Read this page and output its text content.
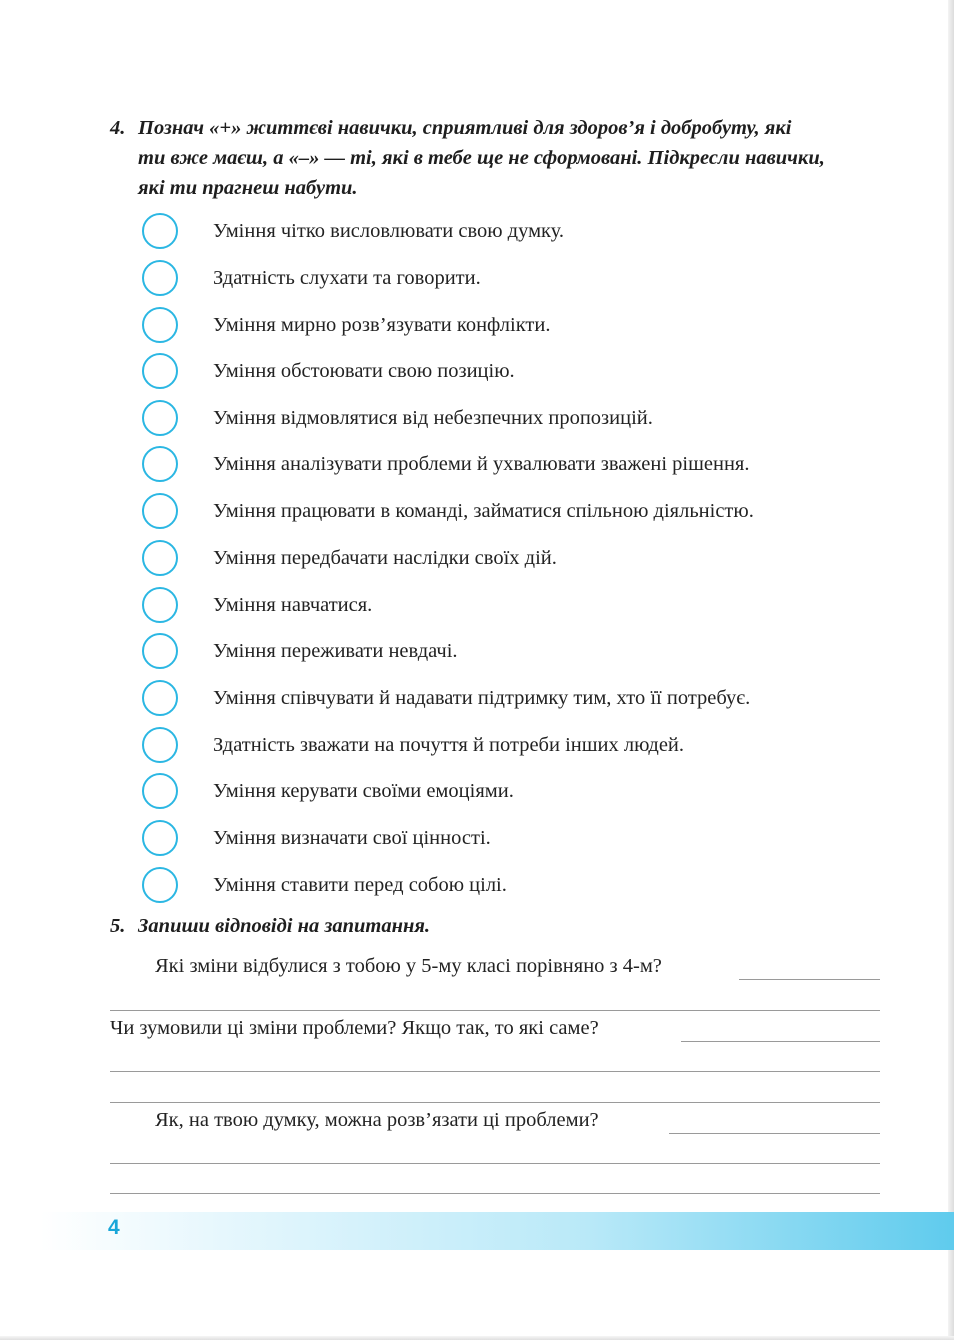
4. Познач «+» життєві навички, сприятливі для здоров’я і добробуту, які
ти вже маєш, а «–» — ті, які в тебе ще не сформовані. Підкресли навички,
які ти прагнеш набути.
Уміння чітко висловлювати свою думку.
Здатність слухати та говорити.
Уміння мирно розв’язувати конфлікти.
Уміння обстоювати свою позицію.
Уміння відмовлятися від небезпечних пропозицій.
Уміння аналізувати проблеми й ухвалювати зважені рішення.
Уміння працювати в команді, займатися спільною діяльністю.
Уміння передбачати наслідки своїх дій.
Уміння навчатися.
Уміння переживати невдачі.
Уміння співчувати й надавати підтримку тим, хто її потребує.
Здатність зважати на почуття й потреби інших людей.
Уміння керувати своїми емоціями.
Уміння визначати свої цінності.
Уміння ставити перед собою цілі.
5. Запиши відповіді на запитання.
Які зміни відбулися з тобою у 5-му класі порівняно з 4-м?
Чи зумовили ці зміни проблеми? Якщо так, то які саме?
Як, на твою думку, можна розв’язати ці проблеми?
4
